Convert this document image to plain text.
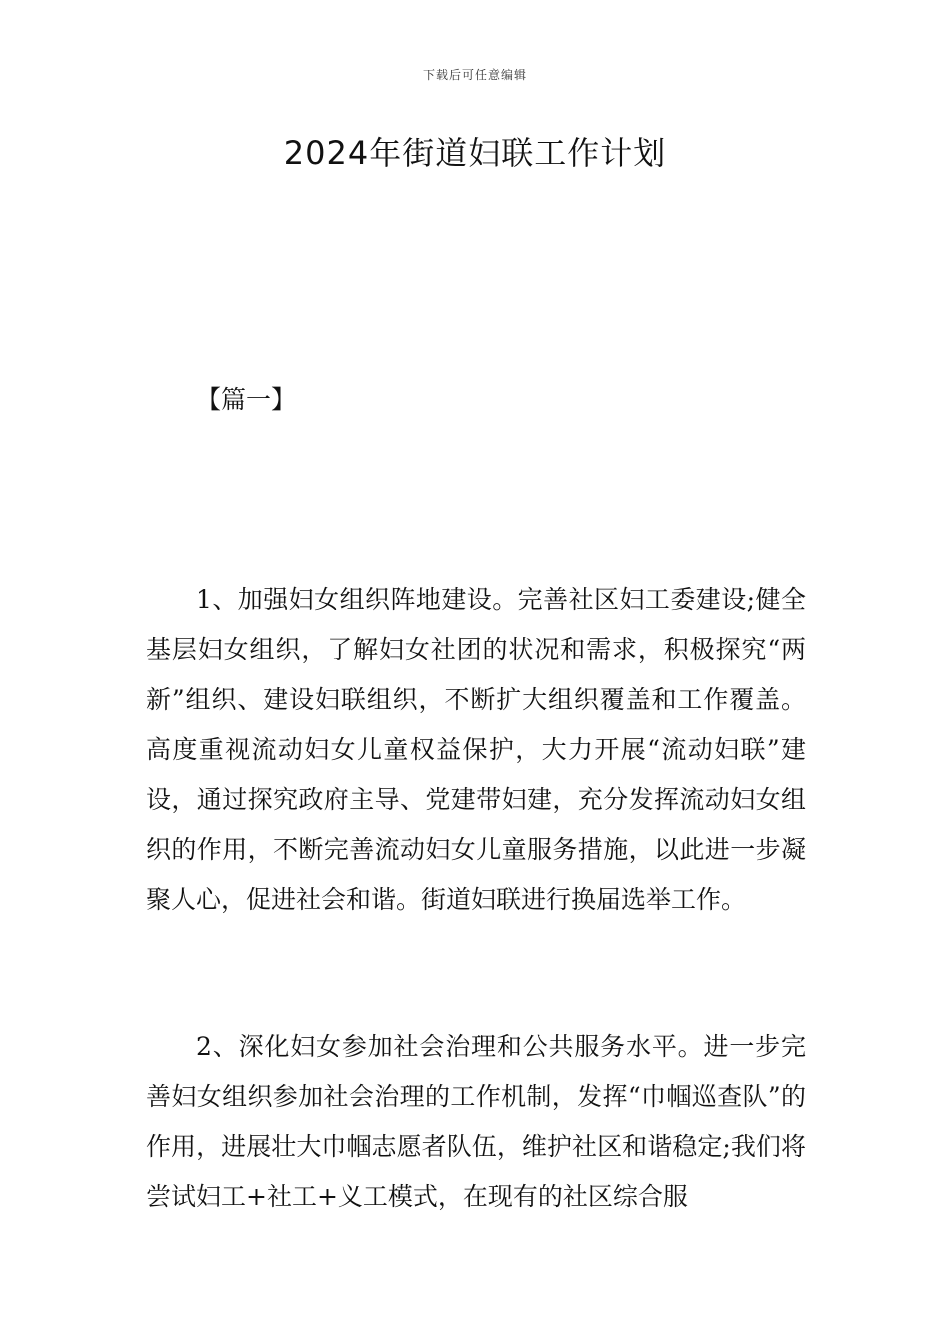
下载后可任意编辑
2024年街道妇联工作计划

【篇一】

1、加强妇女组织阵地建设。完善社区妇工委建设;健全基层妇女组织，了解妇女社团的状况和需求，积极探究“两新”组织、建设妇联组织，不断扩大组织覆盖和工作覆盖。高度重视流动妇女儿童权益保护，大力开展“流动妇联”建设，通过探究政府主导、党建带妇建，充分发挥流动妇女组织的作用，不断完善流动妇女儿童服务措施，以此进一步凝聚人心，促进社会和谐。街道妇联进行换届选举工作。

2、深化妇女参加社会治理和公共服务水平。进一步完善妇女组织参加社会治理的工作机制，发挥“巾帼巡查队”的作用，进展壮大巾帼志愿者队伍，维护社区和谐稳定;我们将尝试妇工+社工+义工模式，在现有的社区综合服
